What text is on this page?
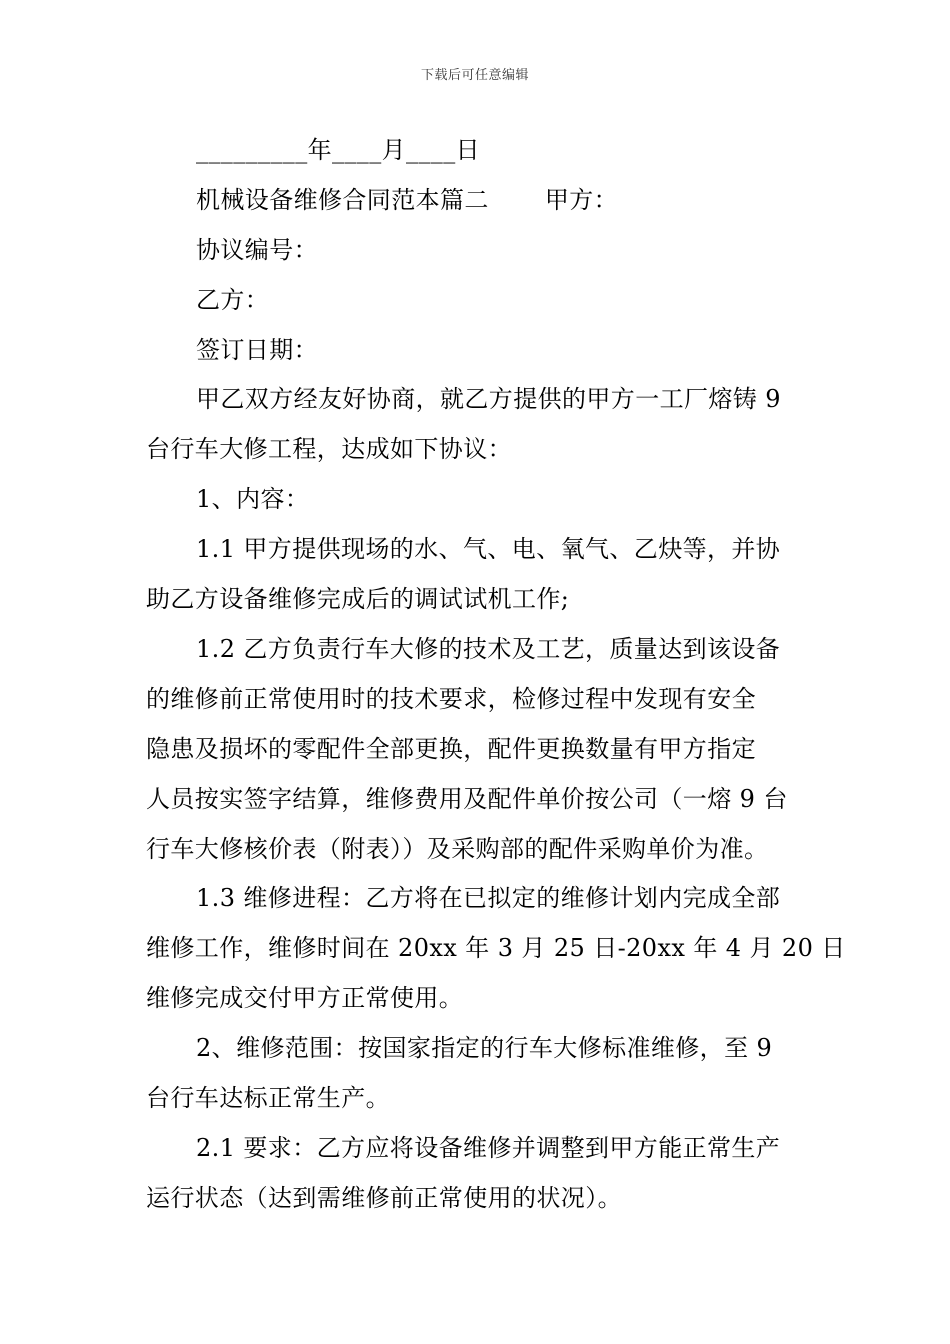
下载后可任意编辑
_________年____月____日
机械设备维修合同范本篇二 甲方：
协议编号：
乙方：
签订日期：
甲乙双方经友好协商，就乙方提供的甲方一工厂熔铸 9
台行车大修工程，达成如下协议：
1、内容：
1.1 甲方提供现场的水、气、电、氧气、乙炔等，并协
助乙方设备维修完成后的调试试机工作;
1.2 乙方负责行车大修的技术及工艺，质量达到该设备
的维修前正常使用时的技术要求，检修过程中发现有安全
隐患及损坏的零配件全部更换，配件更换数量有甲方指定
人员按实签字结算，维修费用及配件单价按公司（一熔 9 台
行车大修核价表（附表））及采购部的配件采购单价为准。
1.3 维修进程：乙方将在已拟定的维修计划内完成全部
维修工作，维修时间在 20xx 年 3 月 25 日-20xx 年 4 月 20 日
维修完成交付甲方正常使用。
2、维修范围：按国家指定的行车大修标准维修，至 9
台行车达标正常生产。
2.1 要求：乙方应将设备维修并调整到甲方能正常生产
运行状态（达到需维修前正常使用的状况）。
